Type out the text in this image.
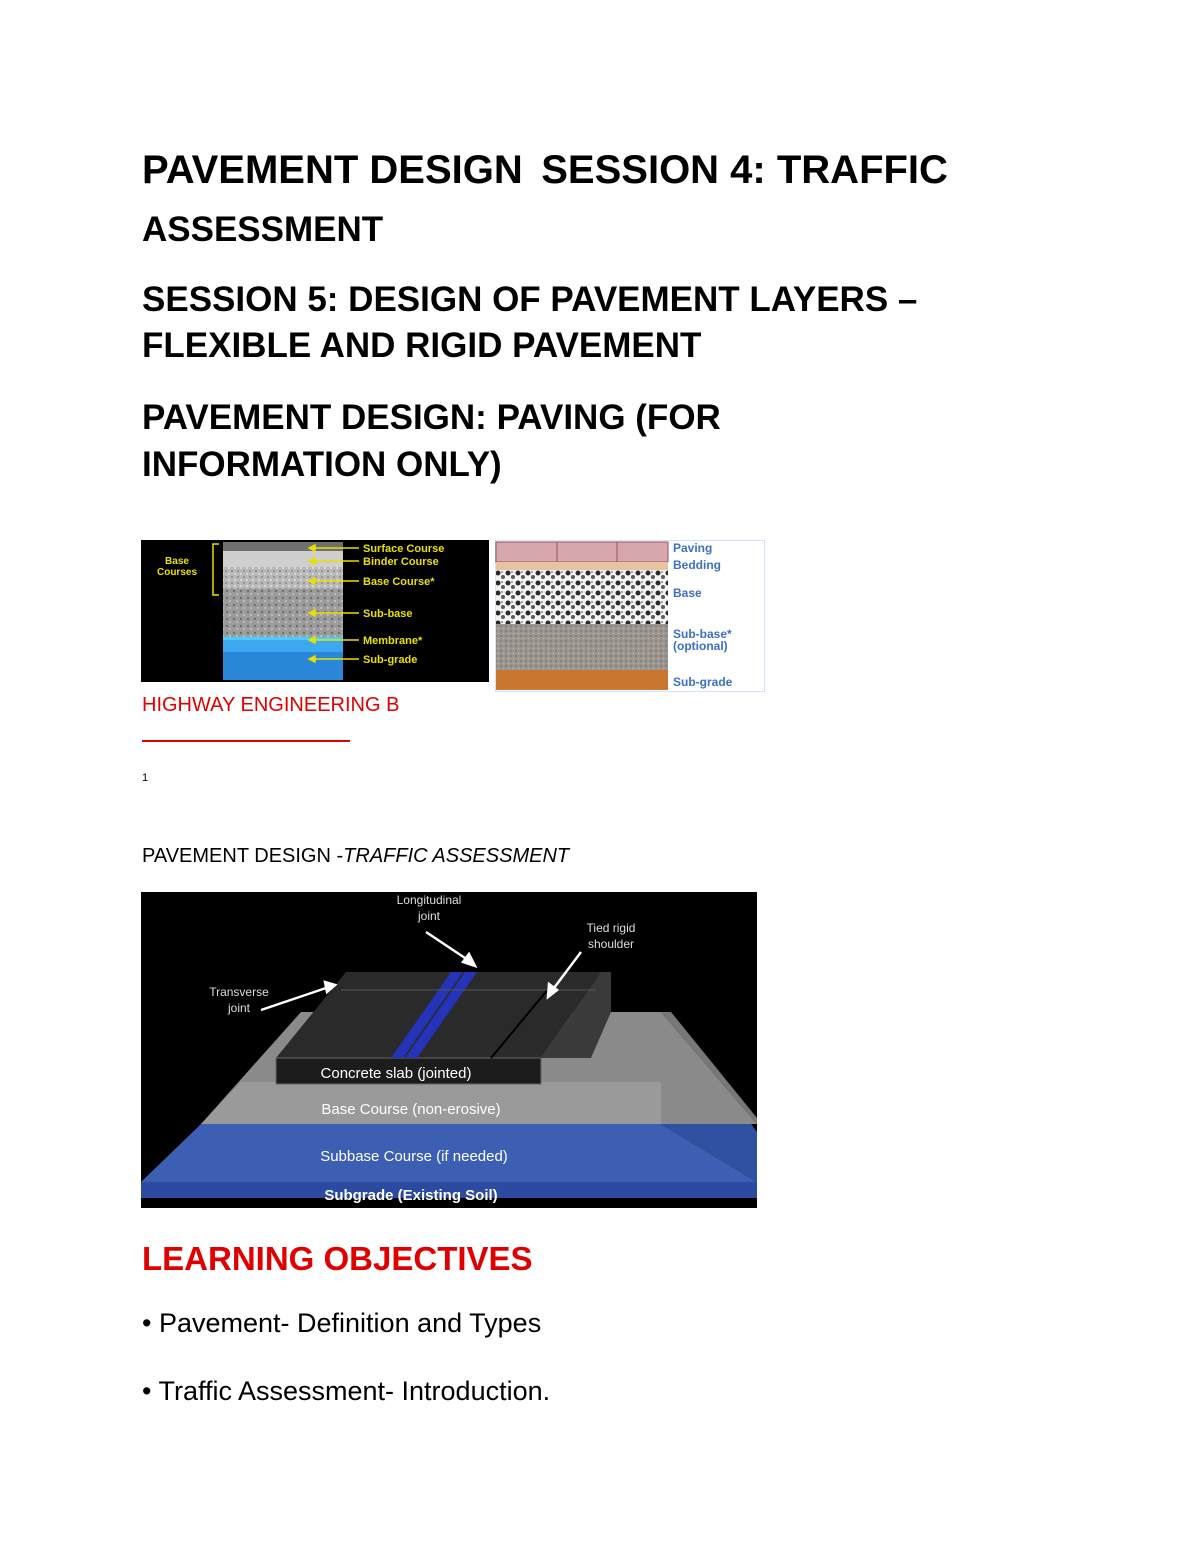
PAVEMENT DESIGN SESSION 4: TRAFFIC
ASSESSMENT
SESSION 5: DESIGN OF PAVEMENT LAYERS –
FLEXIBLE AND RIGID PAVEMENT
PAVEMENT DESIGN: PAVING (FOR
INFORMATION ONLY)
Base
Courses
Surface Course
Binder Course
Base Course*
Sub-base
Membrane*
Sub-grade
Paving
Bedding
Base
Sub-base*
(optional)
Sub-grade
HIGHWAY ENGINEERING B
1
PAVEMENT DESIGN -TRAFFIC ASSESSMENT
Longitudinal
joint
Tied rigid
shoulder
Transverse
joint
Concrete slab (jointed)
Base Course (non-erosive)
Subbase Course (if needed)
Subgrade (Existing Soil)
LEARNING OBJECTIVES
• Pavement- Definition and Types
• Traffic Assessment- Introduction.
